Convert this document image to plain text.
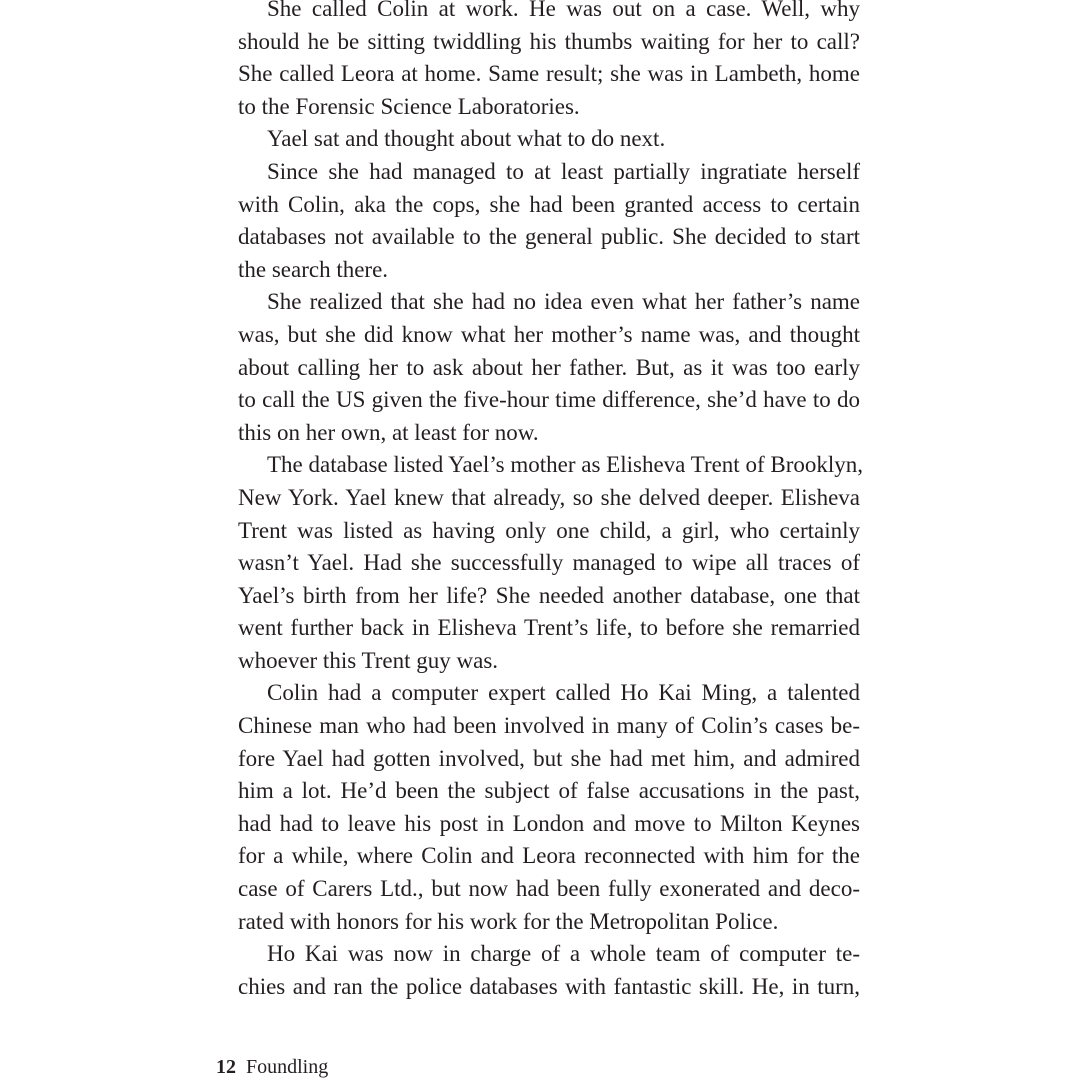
She called Colin at work. He was out on a case. Well, why
should he be sitting twiddling his thumbs waiting for her to call?
She called Leora at home. Same result; she was in Lambeth, home
to the Forensic Science Laboratories.
Yael sat and thought about what to do next.
Since she had managed to at least partially ingratiate herself
with Colin, aka the cops, she had been granted access to certain
databases not available to the general public. She decided to start
the search there.
She realized that she had no idea even what her father’s name
was, but she did know what her mother’s name was, and thought
about calling her to ask about her father. But, as it was too early
to call the US given the five-hour time difference, she’d have to do
this on her own, at least for now.
The database listed Yael’s mother as Elisheva Trent of Brooklyn,
New York. Yael knew that already, so she delved deeper. Elisheva
Trent was listed as having only one child, a girl, who certainly
wasn’t Yael. Had she successfully managed to wipe all traces of
Yael’s birth from her life? She needed another database, one that
went further back in Elisheva Trent’s life, to before she remarried
whoever this Trent guy was.
Colin had a computer expert called Ho Kai Ming, a talented
Chinese man who had been involved in many of Colin’s cases be-
fore Yael had gotten involved, but she had met him, and admired
him a lot. He’d been the subject of false accusations in the past,
had had to leave his post in London and move to Milton Keynes
for a while, where Colin and Leora reconnected with him for the
case of Carers Ltd., but now had been fully exonerated and deco-
rated with honors for his work for the Metropolitan Police.
Ho Kai was now in charge of a whole team of computer te-
chies and ran the police databases with fantastic skill. He, in turn,
12 Foundling
